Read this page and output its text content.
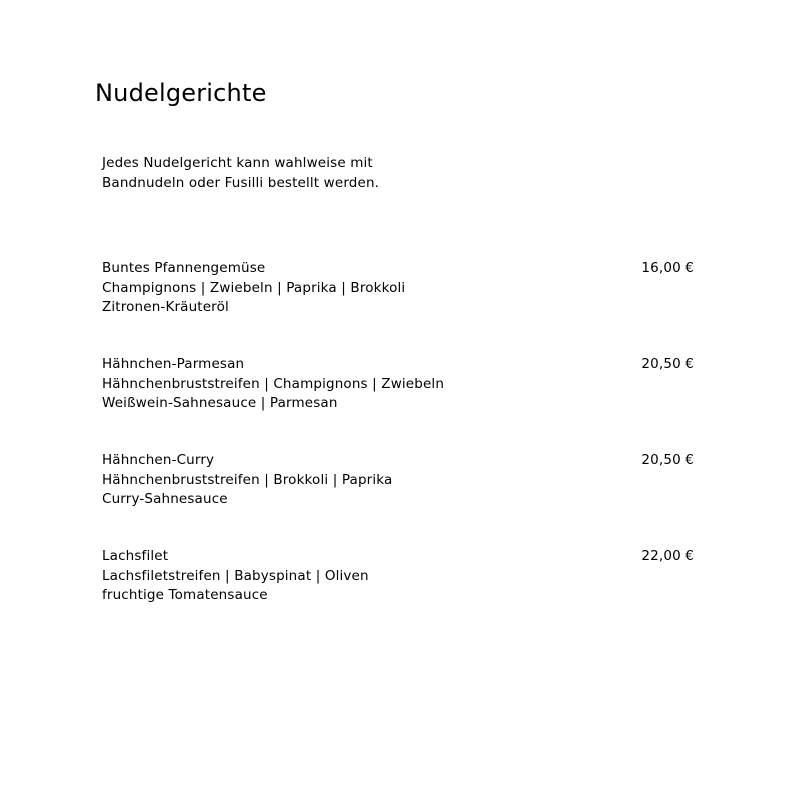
Nudelgerichte
Jedes Nudelgericht kann wahlweise mit
Bandnudeln oder Fusilli bestellt werden.
Buntes Pfannengemüse
Champignons | Zwiebeln | Paprika | Brokkoli
Zitronen-Kräuteröl
16,00 €
Hähnchen-Parmesan
Hähnchenbruststreifen | Champignons | Zwiebeln
Weißwein-Sahnesauce | Parmesan
20,50 €
Hähnchen-Curry
Hähnchenbruststreifen | Brokkoli | Paprika
Curry-Sahnesauce
20,50 €
Lachsfilet
Lachsfiletstreifen | Babyspinat | Oliven
fruchtige Tomatensauce
22,00 €
